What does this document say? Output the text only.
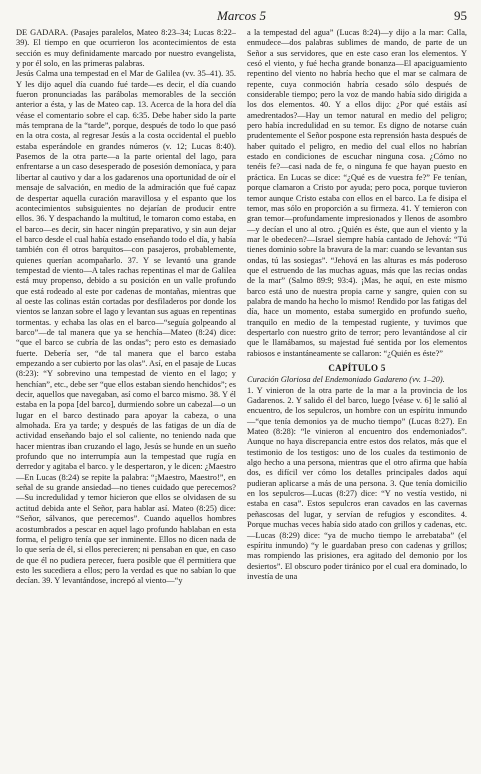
Marcos 5	95

DE GADARA. (Pasajes paralelos, Mateo 8:23–34; Lucas 8:22–39). El tiempo en que ocurrieron los acontecimientos de esta sección es muy definidamente marcado por nuestro evangelista, y por él solo, en las primeras palabras.

Jesús Calma una tempestad en el Mar de Galilea (vv. 35–41). 35. Y les dijo aquel día cuando fué tarde—es decir, el día cuando fueron pronunciadas las parábolas memorables de la sección anterior a ésta, y las de Mateo cap. 13. Acerca de la hora del día véase el comentario sobre el cap. 6:35. Debe haber sido la parte más temprana de la “tarde”, porque, después de todo lo que pasó en la otra costa, al regresar Jesús a la costa occidental el pueblo estaba esperándole en grandes números (v. 12; Lucas 8:40). Pasemos de la otra parte—a la parte oriental del lago, para enfrentarse a un caso desesperado de posesión demoníaca, y para libertar al cautivo y dar a los gadarenos una oportunidad de oír el mensaje de salvación, en medio de la admiración que fué capaz de despertar aquella curación maravillosa y el espanto que los acontecimientos subsiguientes no dejarían de producir entre ellos. 36. Y despachando la multitud, le tomaron como estaba, en el barco—es decir, sin hacer ningún preparativo, y sin aun dejar el barco desde el cual había estado enseñando todo el día, y había también con él otros barquitos—con pasajeros, probablemente, quienes querían acompañarlo. 37. Y se levantó una grande tempestad de viento—A tales rachas repentinas el mar de Galilea está muy propenso, debido a su posición en un valle profundo que está rodeado al este por cadenas de montañas, mientras que al oeste las colinas están cortadas por desfiladeros por donde los vientos se lanzan sobre el lago y levantan sus aguas en repentinas tormentas. y echaba las olas en el barco—“seguía golpeando al barco”—de tal manera que ya se henchía—Mateo (8:24) dice: “que el barco se cubría de las ondas”; pero esto es demasiado fuerte. Debería ser, “de tal manera que el barco estaba empezando a ser cubierto por las olas”. Así, en el pasaje de Lucas (8:23): “Y sobrevino una tempestad de viento en el lago; y henchían”, etc., debe ser “que ellos estaban siendo henchidos”; es decir, aquellos que navegaban, así como el barco mismo. 38. Y él estaba en la popa [del barco], durmiendo sobre un cabezal—o un lugar en el barco destinado para apoyar la cabeza, o una almohada. Era ya tarde; y después de las fatigas de un día de actividad enseñando bajo el sol caliente, no teniendo nada que hacer mientras iban cruzando el lago, Jesús se hunde en un sueño profundo que no interrumpía aun la tempestad que rugía en derredor y agitaba el barco. y le despertaron, y le dicen: ¿Maestro—En Lucas (8:24) se repite la palabra: “¡Maestro, Maestro!”, en señal de su grande ansiedad—no tienes cuidado que perecemos?—Su incredulidad y temor hicieron que ellos se olvidasen de su actitud debida ante el Señor, para hablar así. Mateo (8:25) dice: “Señor, sálvanos, que perecemos”. Cuando aquellos hombres acostumbrados a pescar en aquel lago profundo hablaban en esta forma, el peligro tenía que ser inminente. Ellos no dicen nada de lo que sería de él, si ellos perecieren; ni pensaban en que, en caso de que él no pudiera perecer, fuera posible que él permitiera que esto les sucediera a ellos; pero la verdad es que no sabían lo que decían. 39. Y levantándose, increpó al viento—“y

a la tempestad del agua” (Lucas 8:24)—y dijo a la mar: Calla, enmudece—dos palabras sublimes de mando, de parte de un Señor a sus servidores, que en este caso eran los elementos. Y cesó el viento, y fué hecha grande bonanza—El apaciguamiento repentino del viento no habría hecho que el mar se calmara de repente, cuya conmoción habría cesado sólo después de considerable tiempo; pero la voz de mando había sido dirigida a los dos elementos. 40. Y a ellos dijo: ¿Por qué estáis así amedrentados?—Hay un temor natural en medio del peligro; pero había incredulidad en su temor. Es digno de notarse cuán prudentemente el Señor pospone esta reprensión hasta después de haber quitado el peligro, en medio del cual ellos no habrían estado en condiciones de escuchar ninguna cosa. ¿Cómo no tenéis fe?—casi nada de fe, o ninguna fe que hayan puesto en práctica. En Lucas se dice: “¿Qué es de vuestra fe?” Fe tenían, porque clamaron a Cristo por ayuda; pero poca, porque tuvieron temor aunque Cristo estaba con ellos en el barco. La fe disipa el temor, mas sólo en proporción a su firmeza. 41. Y temieron con gran temor—profundamente impresionados y llenos de asombro—y decían el uno al otro. ¿Quién es éste, que aun el viento y la mar le obedecen?—Israel siempre había cantado de Jehová: “Tú tienes dominio sobre la bravura de la mar: cuando se levantan sus ondas, tú las sosiegas”. “Jehová en las alturas es más poderoso que el estruendo de las muchas aguas, más que las recias ondas de la mar” (Salmo 89:9; 93:4). ¡Mas, he aquí, en este mismo barco está uno de nuestra propia carne y sangre, quien con su palabra de mando ha hecho lo mismo! Rendido por las fatigas del día, hace un momento, estaba sumergido en profundo sueño, tranquilo en medio de la tempestad rugiente, y tuvimos que despertarlo con nuestro grito de terror; pero levantándose al cir que le llamábamos, su majestad fué sentida por los elementos rabiosos e instantáneamente se callaron: “¿Quién es éste?”

CAPÍTULO 5

Curación Gloriosa del Endemoniado Gadareno (vv. 1–20).

1. Y vinieron de la otra parte de la mar a la provincia de los Gadarenos. 2. Y salido él del barco, luego [véase v. 6] le salió al encuentro, de los sepulcros, un hombre con un espíritu inmundo—“que tenía demonios ya de mucho tiempo” (Lucas 8:27). En Mateo (8:28): “le vinieron al encuentro dos endemoniados”. Aunque no haya discrepancia entre estos dos relatos, más que el testimonio de los testigos: uno de los cuales da testimonio de algo hecho a una persona, mientras que el otro afirma que había dos, es difícil ver cómo los detalles principales dados aquí pudieran aplicarse a más de una persona. 3. Que tenía domicilio en los sepulcros—Lucas (8:27) dice: “Y no vestía vestido, ni estaba en casa”. Estos sepulcros eran cavados en las cavernas peñascosas del lugar, y servían de refugios y escondites. 4. Porque muchas veces había sido atado con grillos y cadenas, etc.—Lucas (8:29) dice: “ya de mucho tiempo le arrebataba” (el espíritu inmundo) “y le guardaban preso con cadenas y grillos; mas rompiendo las prisiones, era agitado del demonio por los desiertos”. El obscuro poder tiránico por el cual era dominado, lo investía de una
